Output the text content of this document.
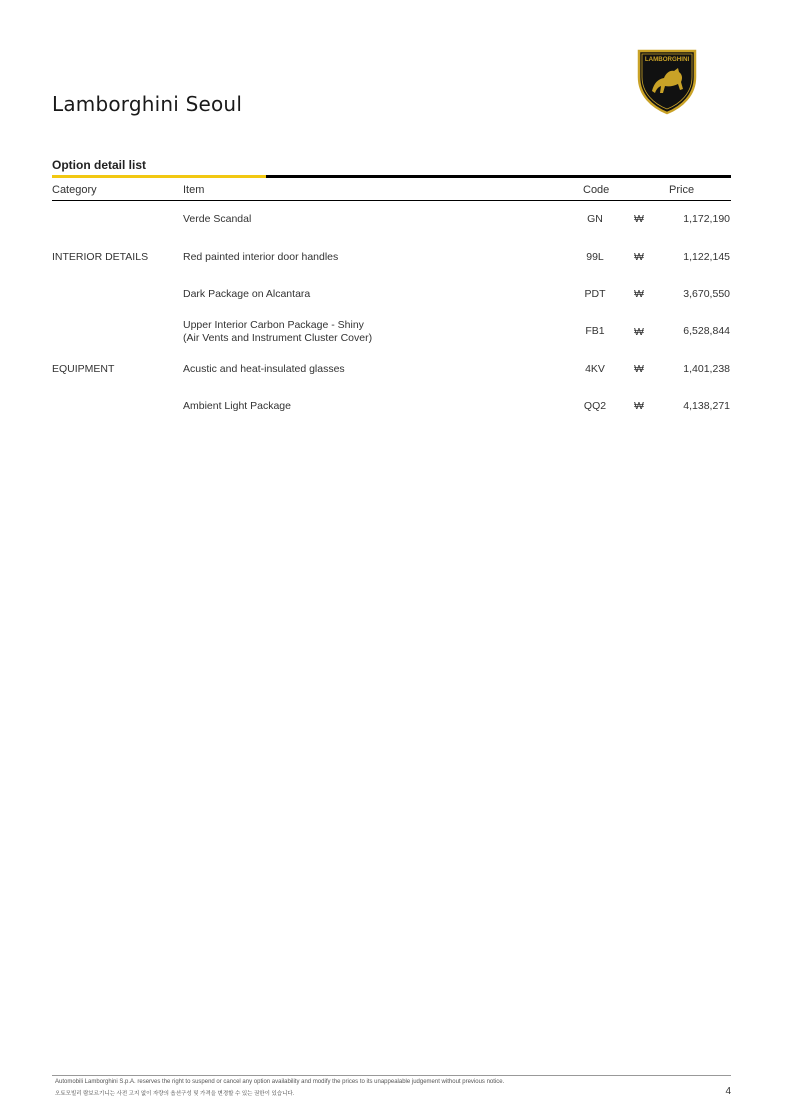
LAMBORGHINI
Lamborghini Seoul
Option detail list
Category	Item	Code	Price
Verde Scandal	GN	₩	1,172,190
INTERIOR DETAILS	Red painted interior door handles	99L	₩	1,122,145
Dark Package on Alcantara	PDT	₩	3,670,550
Upper Interior Carbon Package - Shiny
(Air Vents and Instrument Cluster Cover)
FB1	₩	6,528,844
EQUIPMENT	Acustic and heat-insulated glasses	4KV	₩	1,401,238
Ambient Light Package	QQ2	₩	4,138,271
Automobili Lamborghini S.p.A. reserves the right to suspend or cancel any option availability and modify the prices to its unappealable judgement without previous notice.
오토모빌리 람보르기니는 사전 고지 없이 자량의 옵션구성 및 가격을 변경할 수 있는 권한이 있습니다.	4
